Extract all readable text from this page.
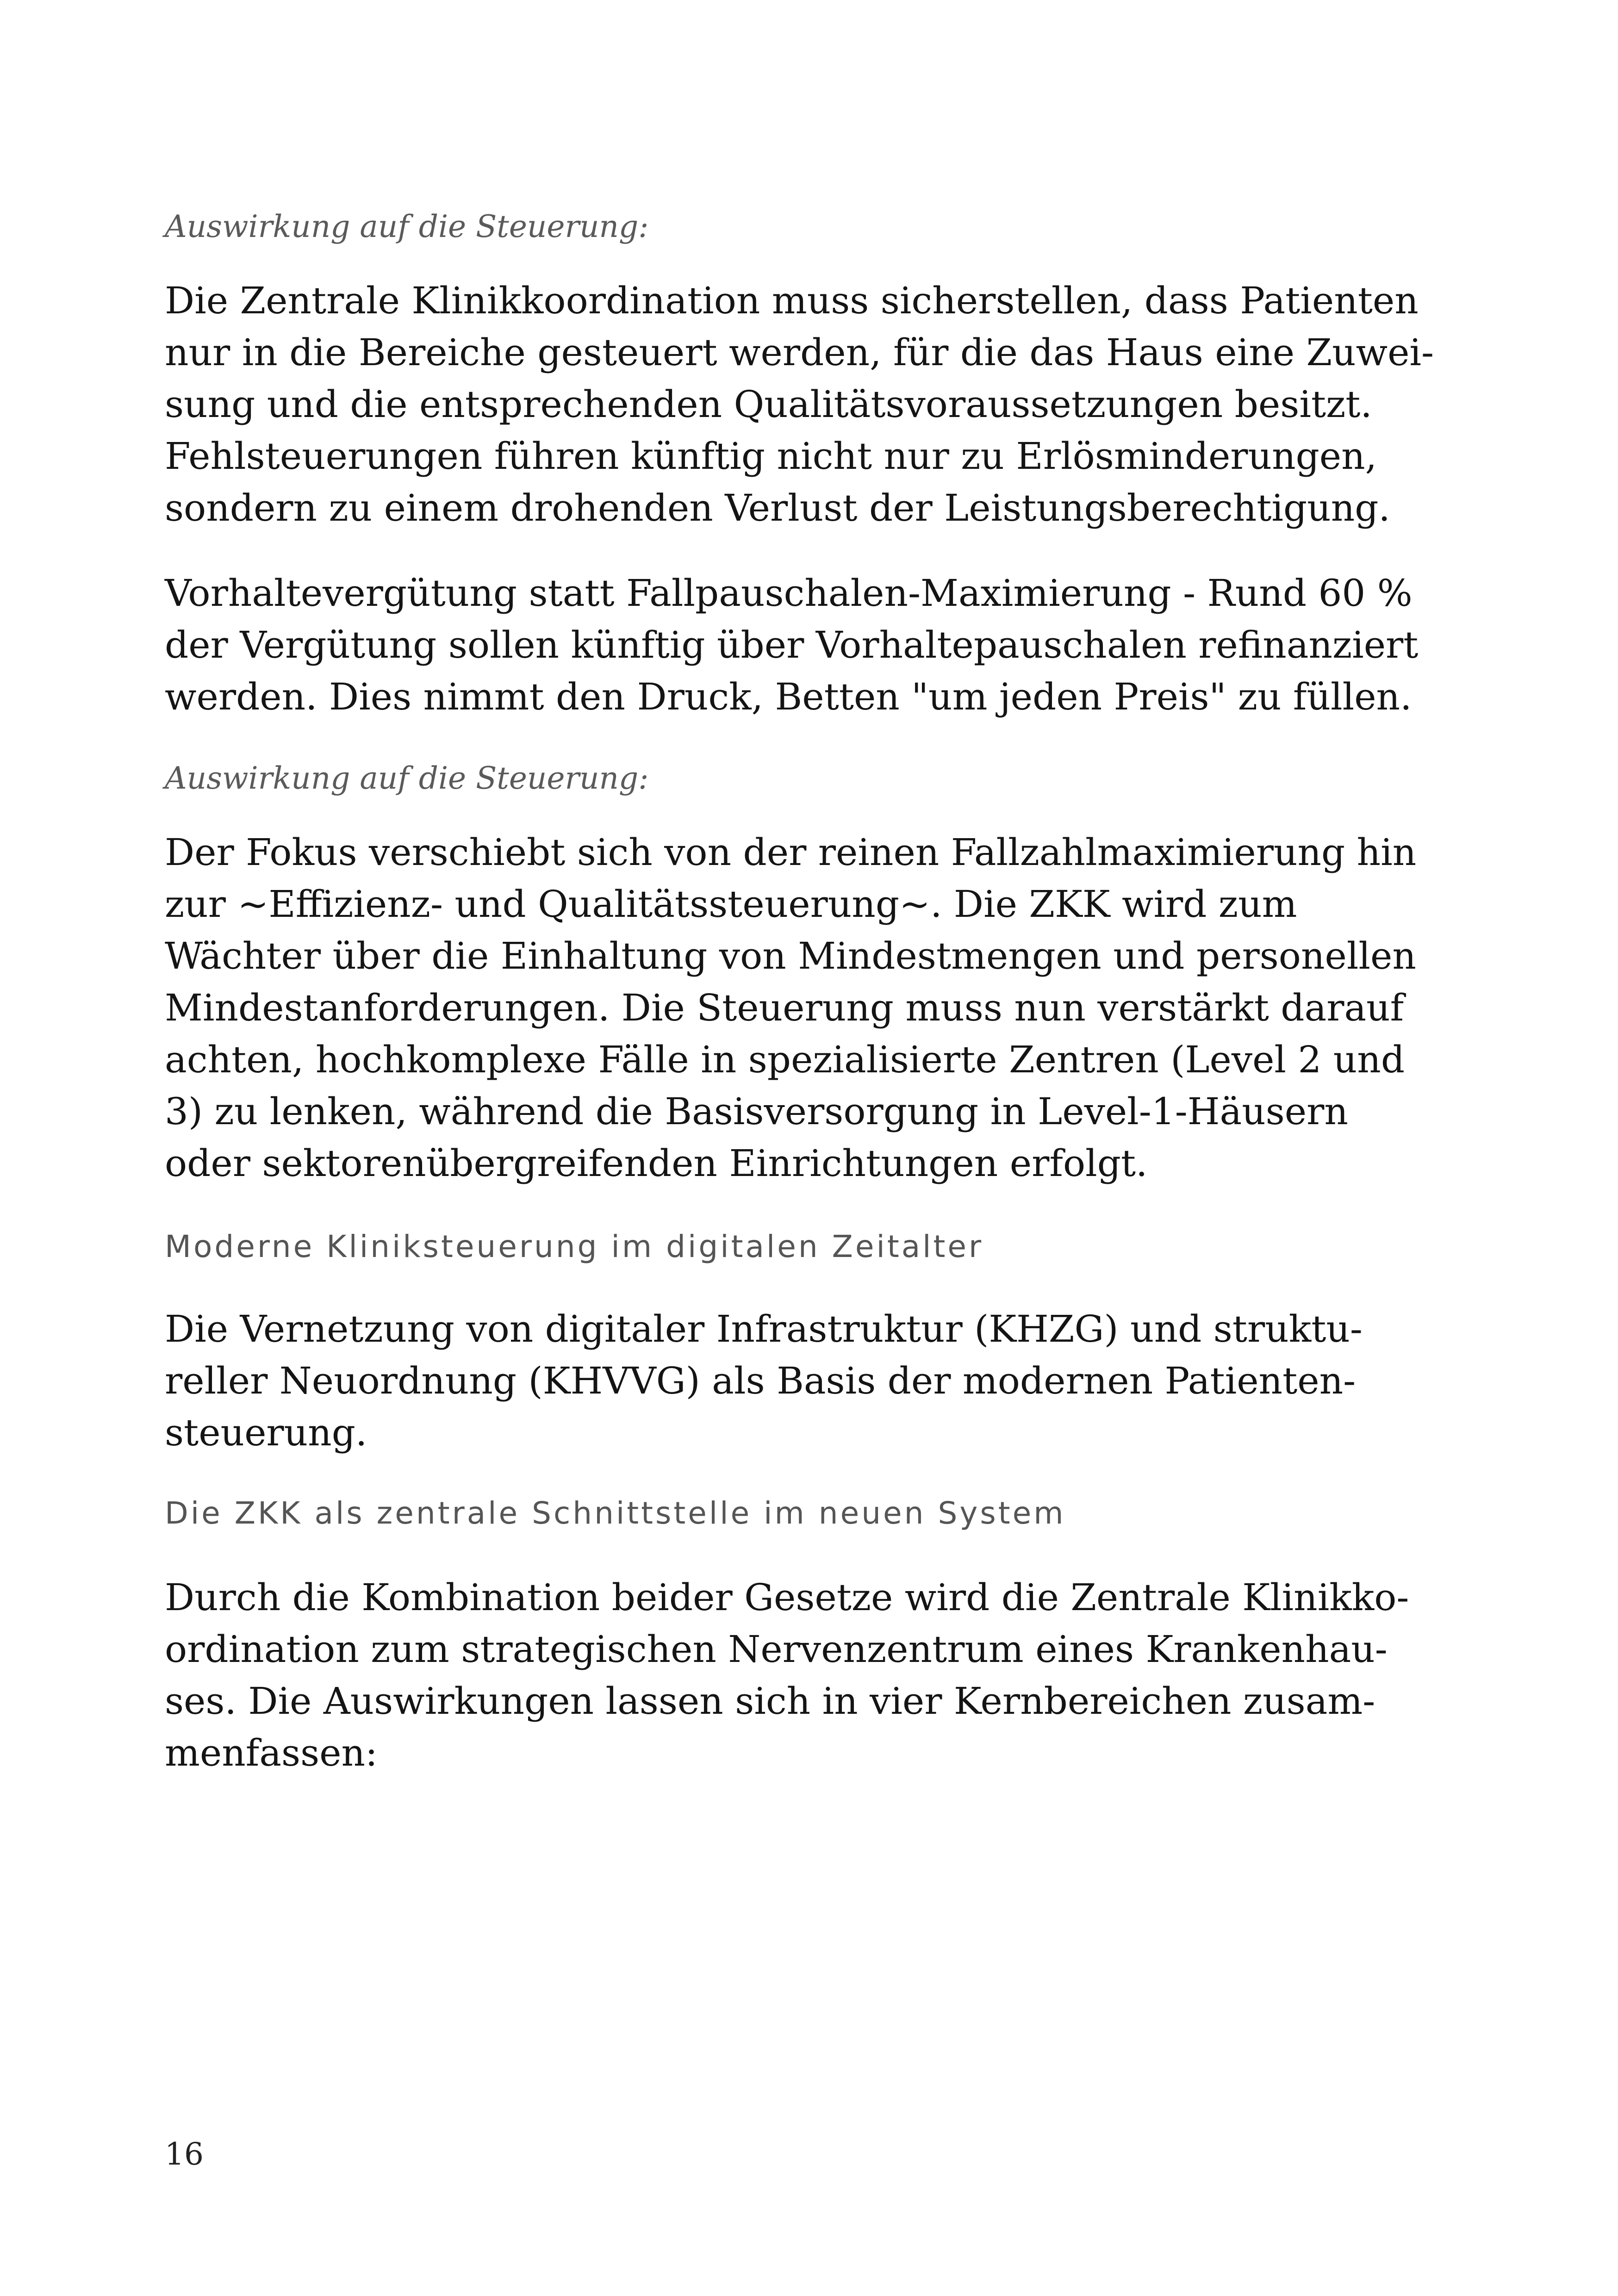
Auswirkung auf die Steuerung:
Die Zentrale Klinikkoordination muss sicherstellen, dass Patienten
nur in die Bereiche gesteuert werden, für die das Haus eine Zuwei-
sung und die entsprechenden Qualitätsvoraussetzungen besitzt.
Fehlsteuerungen führen künftig nicht nur zu Erlösminderungen,
sondern zu einem drohenden Verlust der Leistungsberechtigung.
Vorhaltevergütung statt Fallpauschalen-Maximierung - Rund 60 %
der Vergütung sollen künftig über Vorhaltepauschalen refinanziert
werden. Dies nimmt den Druck, Betten "um jeden Preis" zu füllen.
Auswirkung auf die Steuerung:
Der Fokus verschiebt sich von der reinen Fallzahlmaximierung hin
zur ~Effizienz- und Qualitätssteuerung~. Die ZKK wird zum
Wächter über die Einhaltung von Mindestmengen und personellen
Mindestanforderungen. Die Steuerung muss nun verstärkt darauf
achten, hochkomplexe Fälle in spezialisierte Zentren (Level 2 und
3) zu lenken, während die Basisversorgung in Level-1-Häusern
oder sektorenübergreifenden Einrichtungen erfolgt.
Moderne Kliniksteuerung im digitalen Zeitalter
Die Vernetzung von digitaler Infrastruktur (KHZG) und struktu-
reller Neuordnung (KHVVG) als Basis der modernen Patienten-
steuerung.
Die ZKK als zentrale Schnittstelle im neuen System
Durch die Kombination beider Gesetze wird die Zentrale Klinikko-
ordination zum strategischen Nervenzentrum eines Krankenhau-
ses. Die Auswirkungen lassen sich in vier Kernbereichen zusam-
menfassen:
16
